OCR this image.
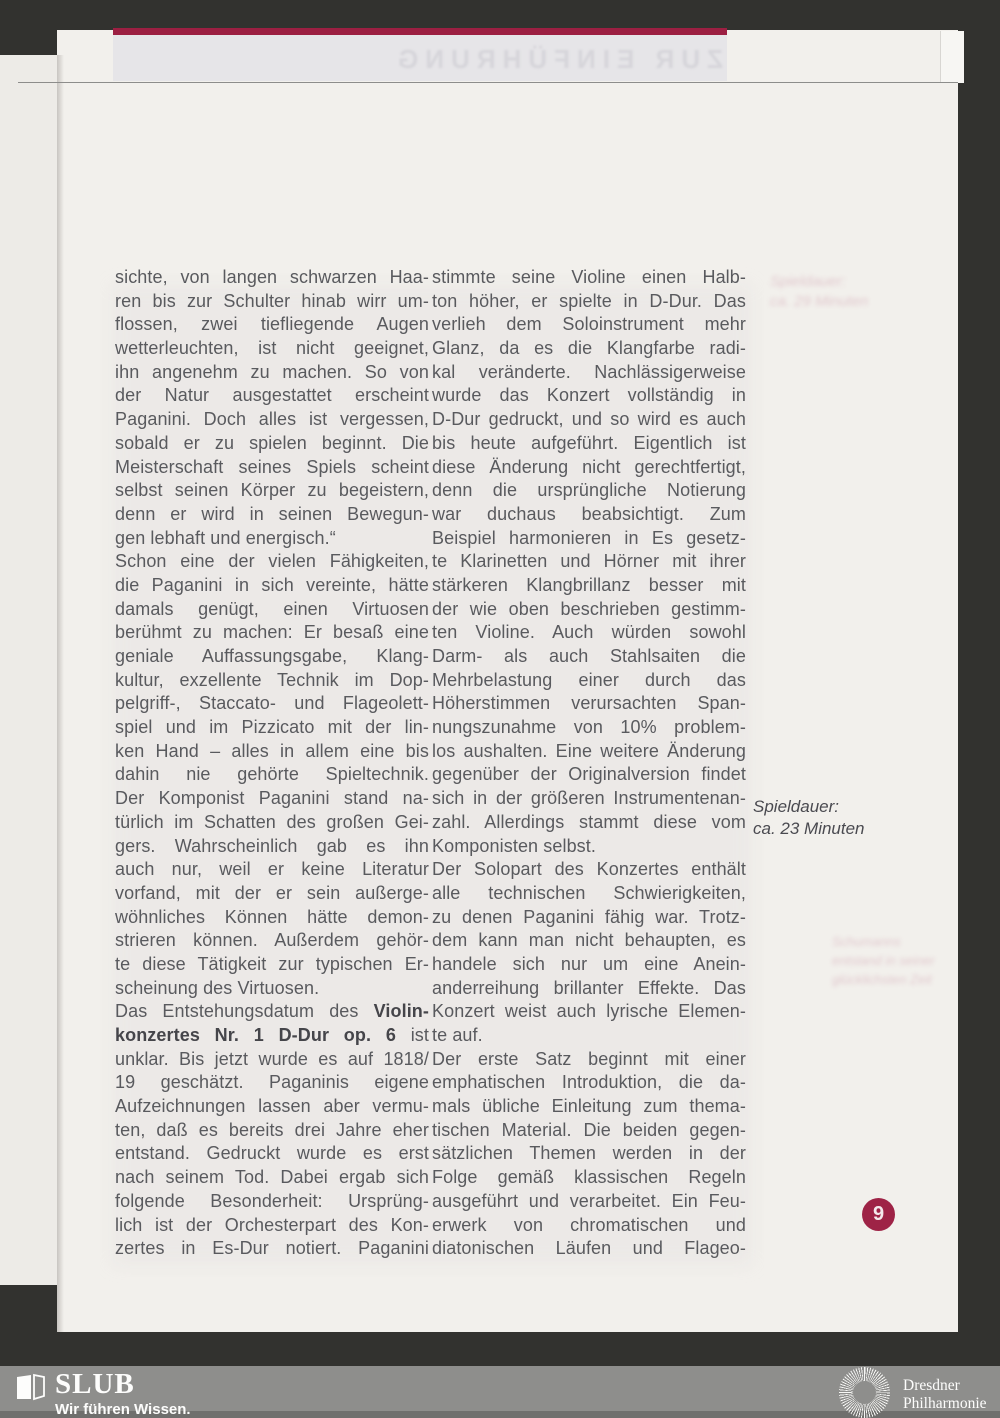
ZUR EINFÜHRUNG
sichte, von langen schwarzen Haa-
ren bis zur Schulter hinab wirr um-
flossen, zwei tiefliegende Augen
wetterleuchten, ist nicht geeignet,
ihn angenehm zu machen. So von
der Natur ausgestattet erscheint
Paganini. Doch alles ist vergessen,
sobald er zu spielen beginnt. Die
Meisterschaft seines Spiels scheint
selbst seinen Körper zu begeistern,
denn er wird in seinen Bewegun-
gen lebhaft und energisch.“
Schon eine der vielen Fähigkeiten,
die Paganini in sich vereinte, hätte
damals genügt, einen Virtuosen
berühmt zu machen: Er besaß eine
geniale Auffassungsgabe, Klang-
kultur, exzellente Technik im Dop-
pelgriff-, Staccato- und Flageolett-
spiel und im Pizzicato mit der lin-
ken Hand – alles in allem eine bis
dahin nie gehörte Spieltechnik.
Der Komponist Paganini stand na-
türlich im Schatten des großen Gei-
gers. Wahrscheinlich gab es ihn
auch nur, weil er keine Literatur
vorfand, mit der er sein außerge-
wöhnliches Können hätte demon-
strieren können. Außerdem gehör-
te diese Tätigkeit zur typischen Er-
scheinung des Virtuosen.
Das Entstehungsdatum des Violin-
konzertes Nr. 1 D-Dur op. 6 ist
unklar. Bis jetzt wurde es auf 1818/
19 geschätzt. Paganinis eigene
Aufzeichnungen lassen aber vermu-
ten, daß es bereits drei Jahre eher
entstand. Gedruckt wurde es erst
nach seinem Tod. Dabei ergab sich
folgende Besonderheit: Ursprüng-
lich ist der Orchesterpart des Kon-
zertes in Es-Dur notiert. Paganini
stimmte seine Violine einen Halb-
ton höher, er spielte in D-Dur. Das
verlieh dem Soloinstrument mehr
Glanz, da es die Klangfarbe radi-
kal veränderte. Nachlässigerweise
wurde das Konzert vollständig in
D-Dur gedruckt, und so wird es auch
bis heute aufgeführt. Eigentlich ist
diese Änderung nicht gerechtfertigt,
denn die ursprüngliche Notierung
war duchaus beabsichtigt. Zum
Beispiel harmonieren in Es gesetz-
te Klarinetten und Hörner mit ihrer
stärkeren Klangbrillanz besser mit
der wie oben beschrieben gestimm-
ten Violine. Auch würden sowohl
Darm- als auch Stahlsaiten die
Mehrbelastung einer durch das
Höherstimmen verursachten Span-
nungszunahme von 10% problem-
los aushalten. Eine weitere Änderung
gegenüber der Originalversion findet
sich in der größeren Instrumentenan-
zahl. Allerdings stammt diese vom
Komponisten selbst.
Der Solopart des Konzertes enthält
alle technischen Schwierigkeiten,
zu denen Paganini fähig war. Trotz-
dem kann man nicht behaupten, es
handele sich nur um eine Anein-
anderreihung brillanter Effekte. Das
Konzert weist auch lyrische Elemen-
te auf.
Der erste Satz beginnt mit einer
emphatischen Introduktion, die da-
mals übliche Einleitung zum thema-
tischen Material. Die beiden gegen-
sätzlichen Themen werden in der
Folge gemäß klassischen Regeln
ausgeführt und verarbeitet. Ein Feu-
erwerk von chromatischen und
diatonischen Läufen und Flageo-
Spieldauer:
ca. 23 Minuten
Spieldauer:
ca. 29 Minuten
Schumanns
entstand in seiner
glücklichsten Zeit
9
SLUB
Wir führen Wissen.
Dresdner
Philharmonie
